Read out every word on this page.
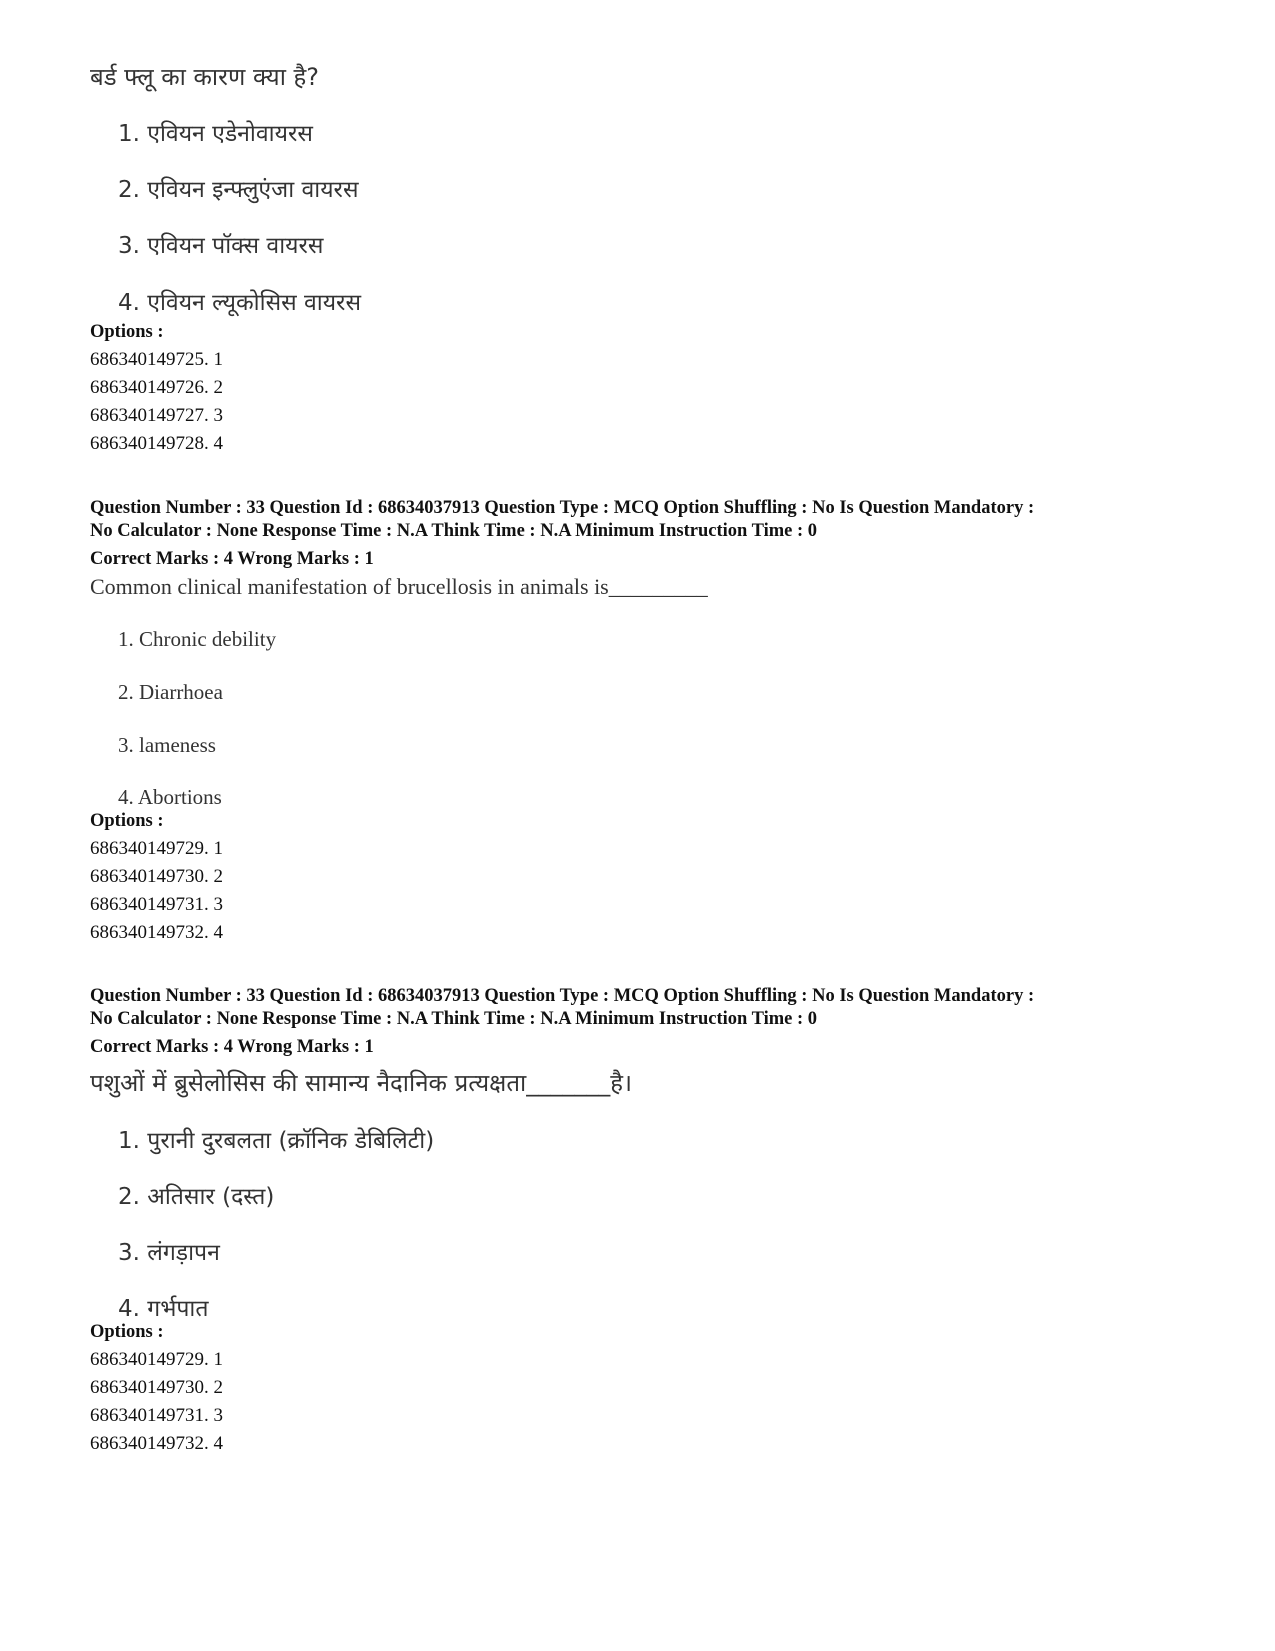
बर्ड फ्लू का कारण क्या है?
1. एवियन एडेनोवायरस
2. एवियन इन्फ्लुएंजा वायरस
3. एवियन पॉक्स वायरस
4. एवियन ल्यूकोसिस वायरस
Options :
686340149725. 1
686340149726. 2
686340149727. 3
686340149728. 4
Question Number : 33 Question Id : 68634037913 Question Type : MCQ Option Shuffling : No Is Question Mandatory :
No Calculator : None Response Time : N.A Think Time : N.A Minimum Instruction Time : 0
Correct Marks : 4 Wrong Marks : 1
Common clinical manifestation of brucellosis in animals is_________
1. Chronic debility
2. Diarrhoea
3. lameness
4. Abortions
Options :
686340149729. 1
686340149730. 2
686340149731. 3
686340149732. 4
Question Number : 33 Question Id : 68634037913 Question Type : MCQ Option Shuffling : No Is Question Mandatory :
No Calculator : None Response Time : N.A Think Time : N.A Minimum Instruction Time : 0
Correct Marks : 4 Wrong Marks : 1
पशुओं में ब्रुसेलोसिस की सामान्य नैदानिक प्रत्यक्षता_______है।
1. पुरानी दुरबलता (क्रॉनिक डेबिलिटी)
2. अतिसार (दस्त)
3. लंगड़ापन
4. गर्भपात
Options :
686340149729. 1
686340149730. 2
686340149731. 3
686340149732. 4
